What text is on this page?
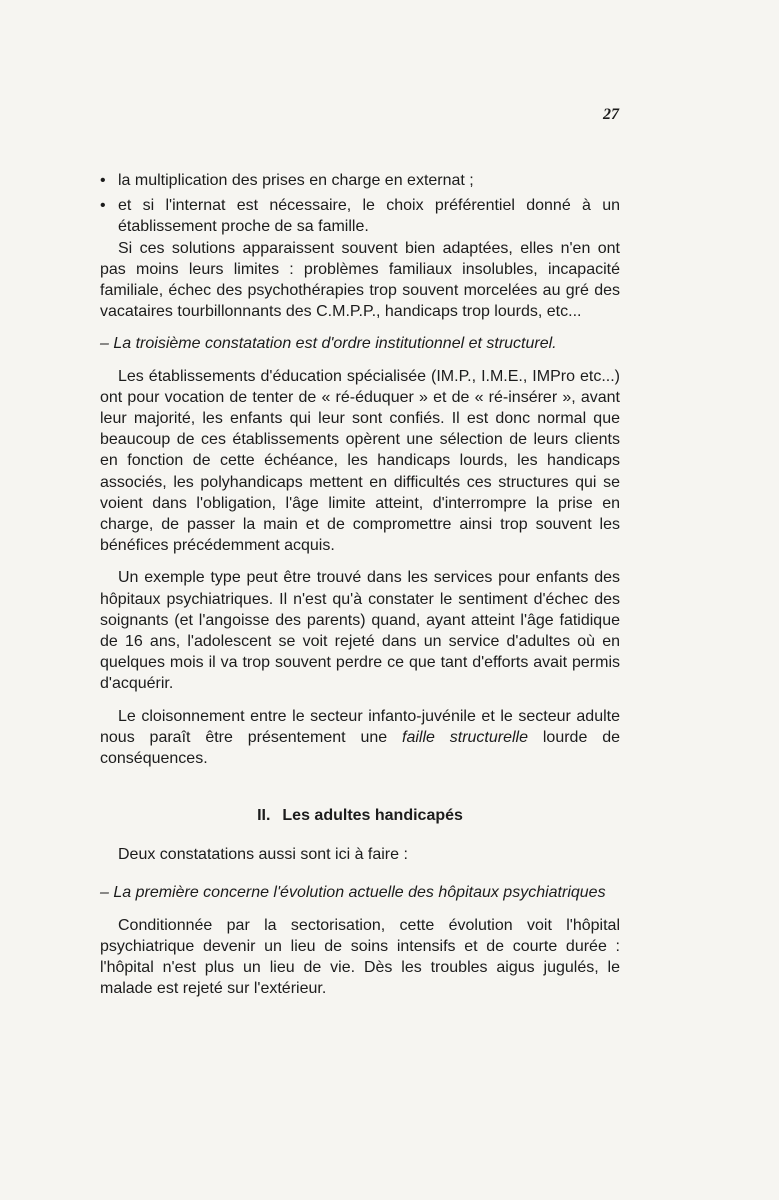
27

• la multiplication des prises en charge en externat ;

• et si l'internat est nécessaire, le choix préférentiel donné à un établissement proche de sa famille.

Si ces solutions apparaissent souvent bien adaptées, elles n'en ont pas moins leurs limites : problèmes familiaux insolubles, incapacité familiale, échec des psychothérapies trop souvent morcelées au gré des vacataires tourbillonnants des C.M.P.P., handicaps trop lourds, etc...

– La troisième constatation est d'ordre institutionnel et structurel.

Les établissements d'éducation spécialisée (IM.P., I.M.E., IMPro etc...) ont pour vocation de tenter de « ré-éduquer » et de « ré-insérer », avant leur majorité, les enfants qui leur sont confiés. Il est donc normal que beaucoup de ces établissements opèrent une sélection de leurs clients en fonction de cette échéance, les handicaps lourds, les handicaps associés, les polyhandicaps mettent en difficultés ces structures qui se voient dans l'obligation, l'âge limite atteint, d'interrompre la prise en charge, de passer la main et de compromettre ainsi trop souvent les bénéfices précédemment acquis.

Un exemple type peut être trouvé dans les services pour enfants des hôpitaux psychiatriques. Il n'est qu'à constater le sentiment d'échec des soignants (et l'angoisse des parents) quand, ayant atteint l'âge fatidique de 16 ans, l'adolescent se voit rejeté dans un service d'adultes où en quelques mois il va trop souvent perdre ce que tant d'efforts avait permis d'acquérir.

Le cloisonnement entre le secteur infanto-juvénile et le secteur adulte nous paraît être présentement une faille structurelle lourde de conséquences.

II. Les adultes handicapés

Deux constatations aussi sont ici à faire :

– La première concerne l'évolution actuelle des hôpitaux psychiatriques

Conditionnée par la sectorisation, cette évolution voit l'hôpital psychiatrique devenir un lieu de soins intensifs et de courte durée : l'hôpital n'est plus un lieu de vie. Dès les troubles aigus jugulés, le malade est rejeté sur l'extérieur.
